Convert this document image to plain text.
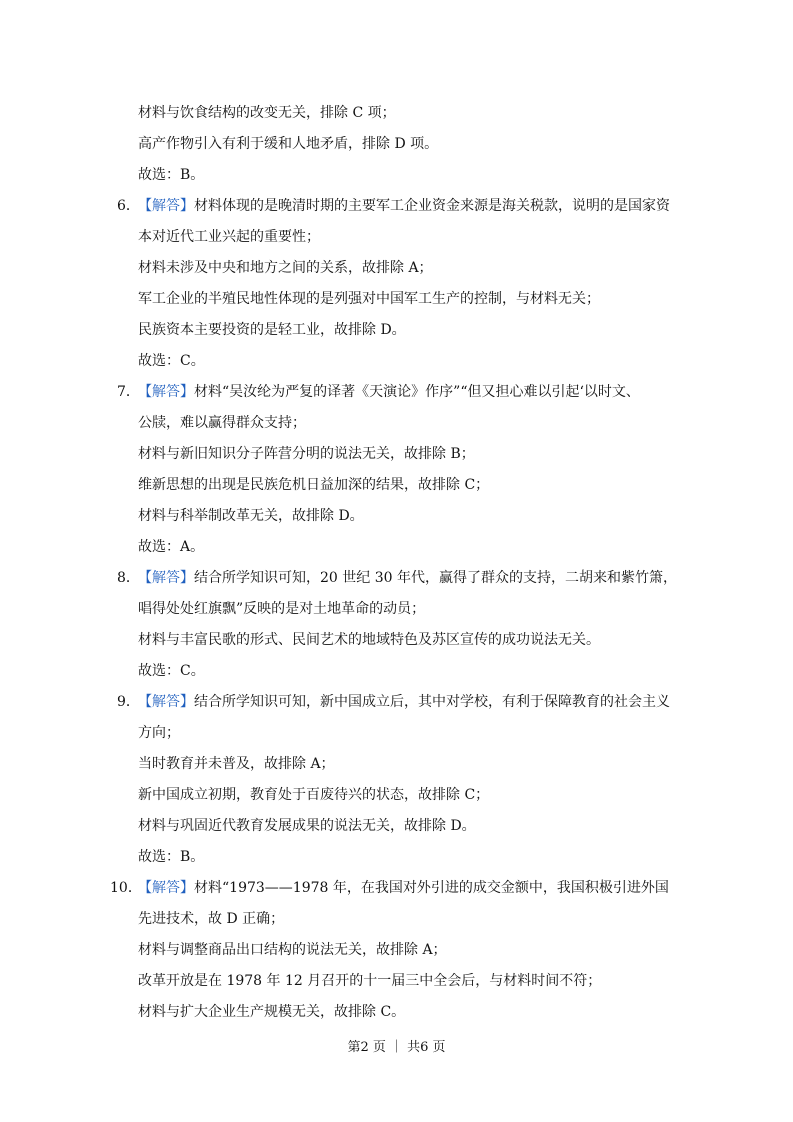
材料与饮食结构的改变无关，排除 C 项；
高产作物引入有利于缓和人地矛盾，排除 D 项。
故选：B。
6．【解答】材料体现的是晚清时期的主要军工企业资金来源是海关税款，说明的是国家资
本对近代工业兴起的重要性；
材料未涉及中央和地方之间的关系，故排除 A；
军工企业的半殖民地性体现的是列强对中国军工生产的控制，与材料无关；
民族资本主要投资的是轻工业，故排除 D。
故选：C。
7．【解答】材料“吴汝纶为严复的译著《天演论》作序”“但又担心难以引起‘以时文、
公牍，难以赢得群众支持；
材料与新旧知识分子阵营分明的说法无关，故排除 B；
维新思想的出现是民族危机日益加深的结果，故排除 C；
材料与科举制改革无关，故排除 D。
故选：A。
8．【解答】结合所学知识可知，20 世纪 30 年代，赢得了群众的支持，二胡来和紫竹箫，
唱得处处红旗飘”反映的是对土地革命的动员；
材料与丰富民歌的形式、民间艺术的地域特色及苏区宣传的成功说法无关。
故选：C。
9．【解答】结合所学知识可知，新中国成立后，其中对学校，有利于保障教育的社会主义
方向；
当时教育并未普及，故排除 A；
新中国成立初期，教育处于百废待兴的状态，故排除 C；
材料与巩固近代教育发展成果的说法无关，故排除 D。
故选：B。
10．【解答】材料“1973——1978 年，在我国对外引进的成交金额中，我国积极引进外国
先进技术，故 D 正确；
材料与调整商品出口结构的说法无关，故排除 A；
改革开放是在 1978 年 12 月召开的十一届三中全会后，与材料时间不符；
材料与扩大企业生产规模无关，故排除 C。
第2 页 ｜ 共6 页
